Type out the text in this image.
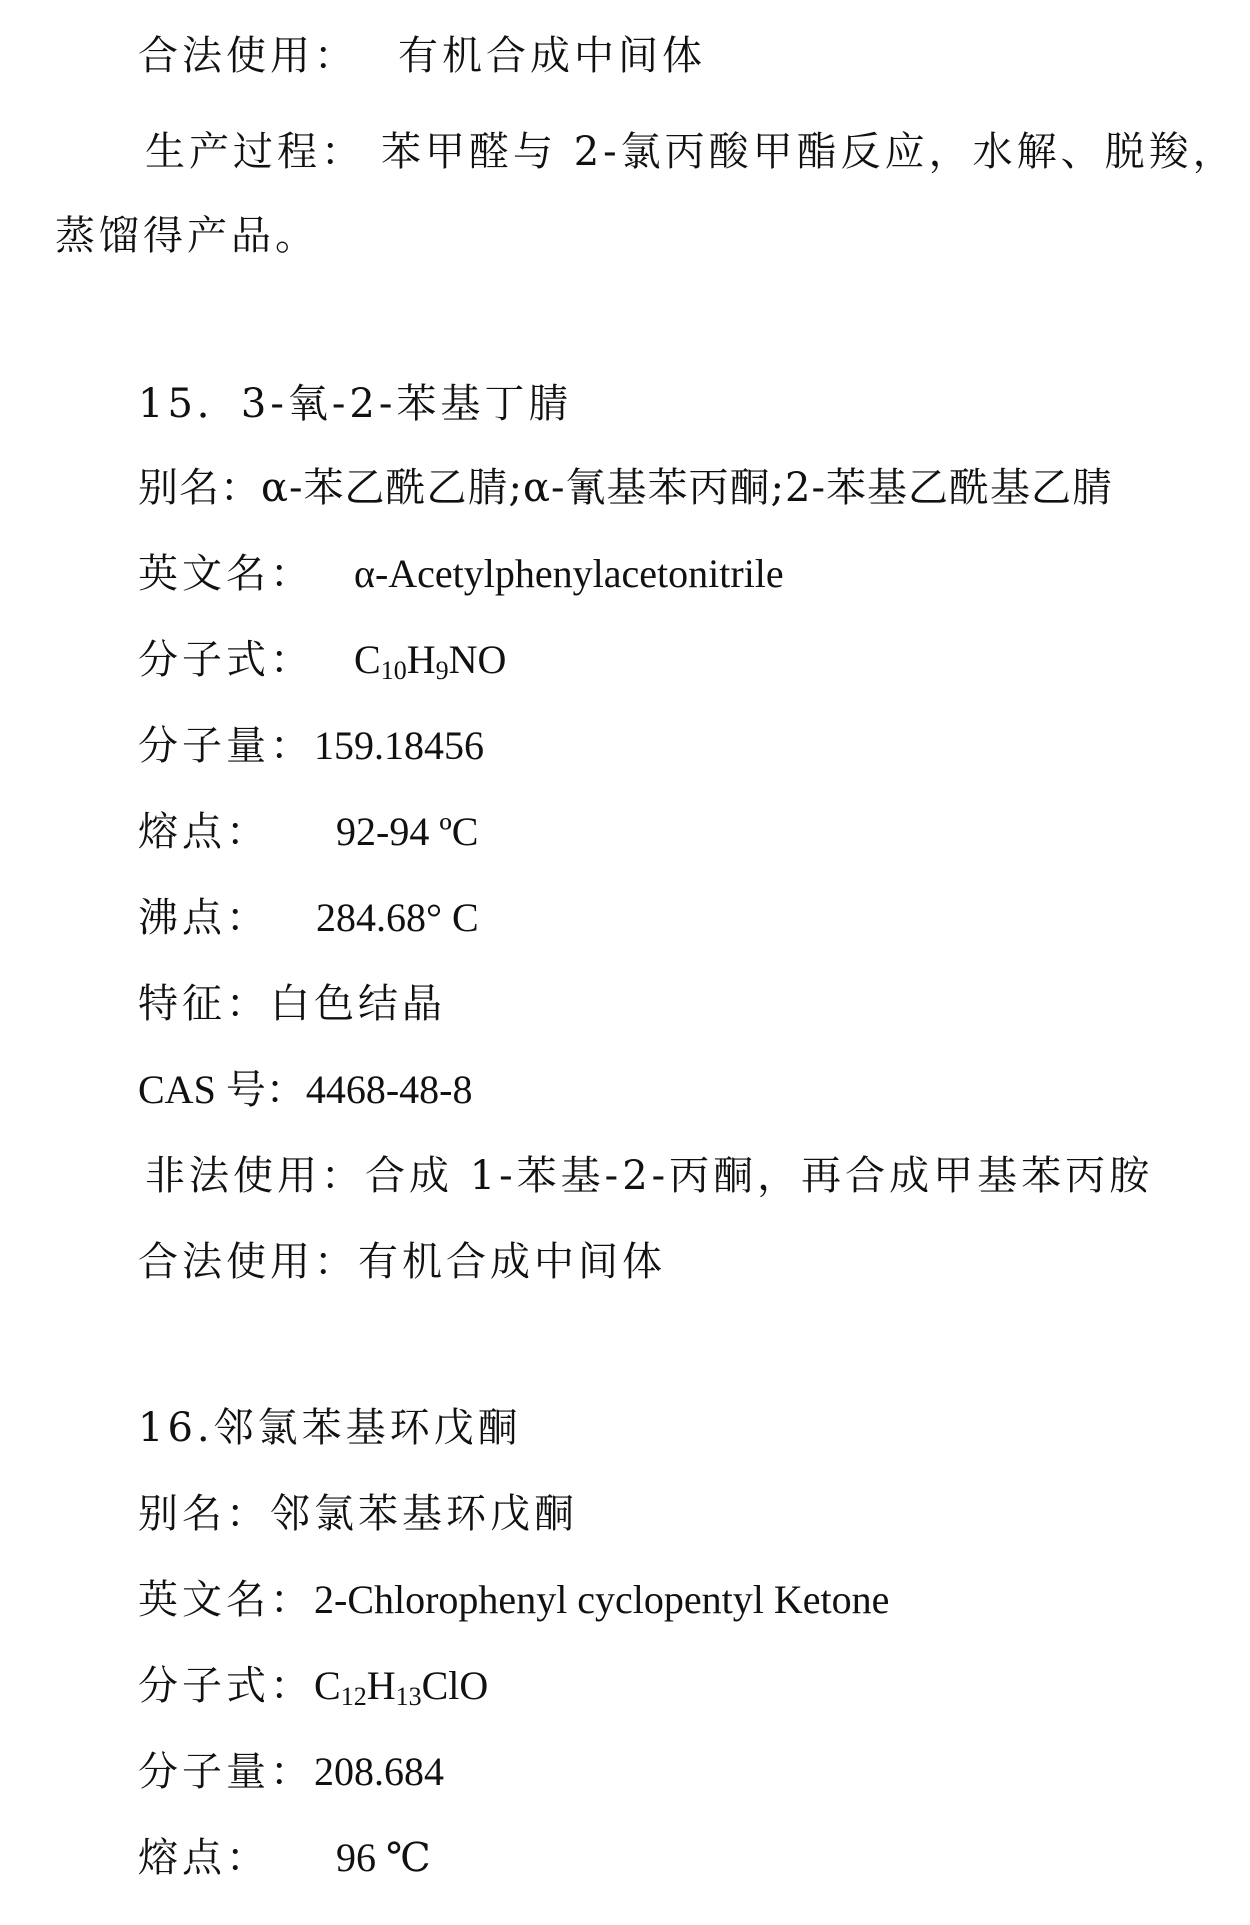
合法使用： 有机合成中间体
生产过程： 苯甲醛与 2-氯丙酸甲酯反应，水解、脱羧，
蒸馏得产品。
15．3-氧-2-苯基丁腈
别名：α-苯乙酰乙腈;α-氰基苯丙酮;2-苯基乙酰基乙腈
英文名： α-Acetylphenylacetonitrile
分子式： $C_{10}H_9NO$
分子量：159.18456
熔点： 92-94 ºC
沸点： 284.68° C
特征：白色结晶
CAS 号：4468-48-8
非法使用：合成 1-苯基-2-丙酮，再合成甲基苯丙胺
合法使用：有机合成中间体
16.邻氯苯基环戊酮
别名：邻氯苯基环戊酮
英文名：2-Chlorophenyl cyclopentyl Ketone
分子式：$C_{12}H_{13}ClO$
分子量：208.684
熔点： 96 ℃
